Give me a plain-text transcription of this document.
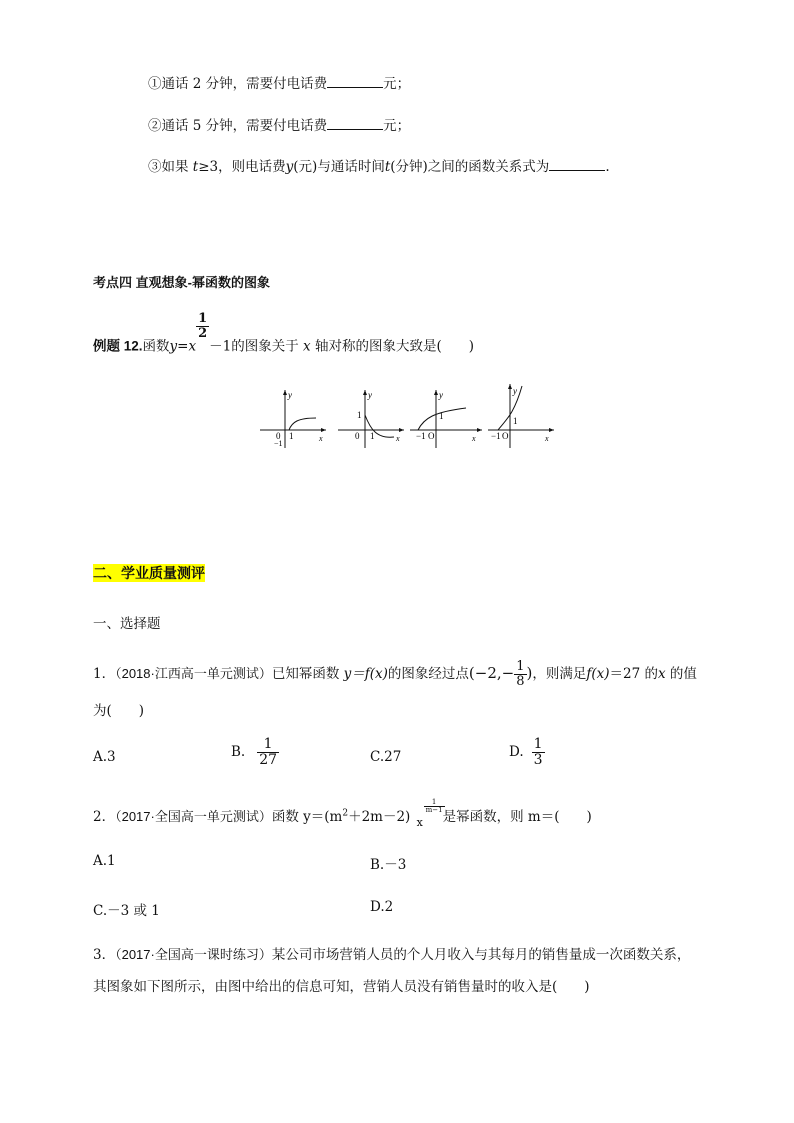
①通话 2 分钟，需要付电话费	元；
②通话 5 分钟，需要付电话费	元；
③如果 t≥3，则电话费y(元)与通话时间t(分钟)之间的函数关系式为	.
考点四 直观想象-幂函数的图象
例题 12.函数y=x
$\frac{1}{2}$
－1的图象关于 x 轴对称的图象大致是(　　)
y
0 1	x
−1
y
1
0 1	x
y
1
−1 O	x
y
1
−1 O	x
二、学业质量测评
一、选择题
1．（2018·江西高一单元测试）已知幂函数 y＝f(x)的图象经过点($-2,- \frac{1}{8}$ )，则满足f(x)＝27 的x 的值
为(　　)
A.3	B. $\frac{1}{27}$	C.27	D. $\frac{1}{3}$
2．（2017·全国高一单元测试）函数 $y=(m^2+2m-2)$ x
$\frac{1}{m-1}$
是幂函数，则 m＝(　　)
A.1	B.－3
C.－3 或 1	D.2
3．（2017·全国高一课时练习）某公司市场营销人员的个人月收入与其每月的销售量成一次函数关系，
其图象如下图所示，由图中给出的信息可知，营销人员没有销售量时的收入是(　　)
